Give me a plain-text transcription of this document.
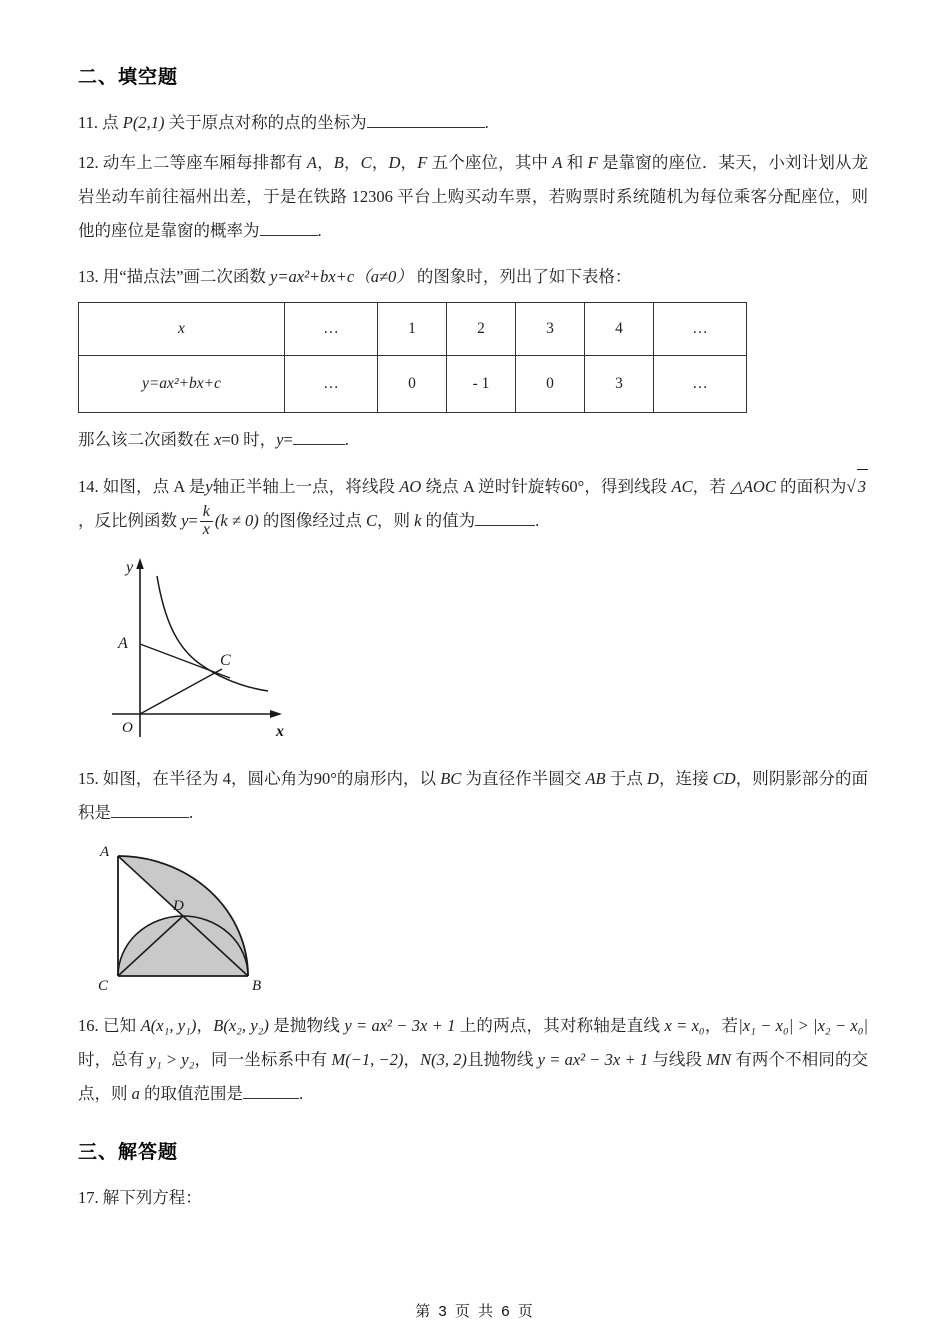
二、填空题
11. 点 P(2,1) 关于原点对称的点的坐标为	.
12. 动车上二等座车厢每排都有 A，B，C，D，F 五个座位，其中 A 和 F 是靠窗的座位．某天，小刘计划从龙岩坐动车前往福州出差，于是在铁路 12306 平台上购买动车票，若购票时系统随机为每位乘客分配座位，则他的座位是靠窗的概率为	.
13. 用“描点法”画二次函数 y=ax²+bx+c（a≠0） 的图象时，列出了如下表格：
x	…	1	2	3	4	…
y=ax²+bx+c	…	0	‑ 1	0	3	…
那么该二次函数在 x=0 时，y=	.
14. 如图，点 A 是y轴正半轴上一点，将线段 AO 绕点 A 逆时针旋转60°，得到线段 AC，若 △AOC 的面积为√ 3，反比例函数 $y= \frac{k}{x} (k \ne 0)$ 的图像经过点 C，则 k 的值为	.
A
C
O
y
x
15. 如图，在半径为 4，圆心角为90°的扇形内，以 BC 为直径作半圆交 AB 于点 D，连接 CD，则阴影部分的面积是	.
A
B
C
D
16. 已知 A(x₁, y₁)，B(x₂, y₂) 是抛物线 y = ax² − 3x + 1 上的两点，其对称轴是直线 x = x₀，若|x₁ − x₀| > |x₂ − x₀|时，总有 y₁ > y₂，同一坐标系中有 M(−1, −2)，N(3, 2)且抛物线 y = ax² − 3x + 1 与线段 MN 有两个不相同的交点，则 a 的取值范围是	.
三、解答题
17. 解下列方程：
第 3 页 共 6 页
